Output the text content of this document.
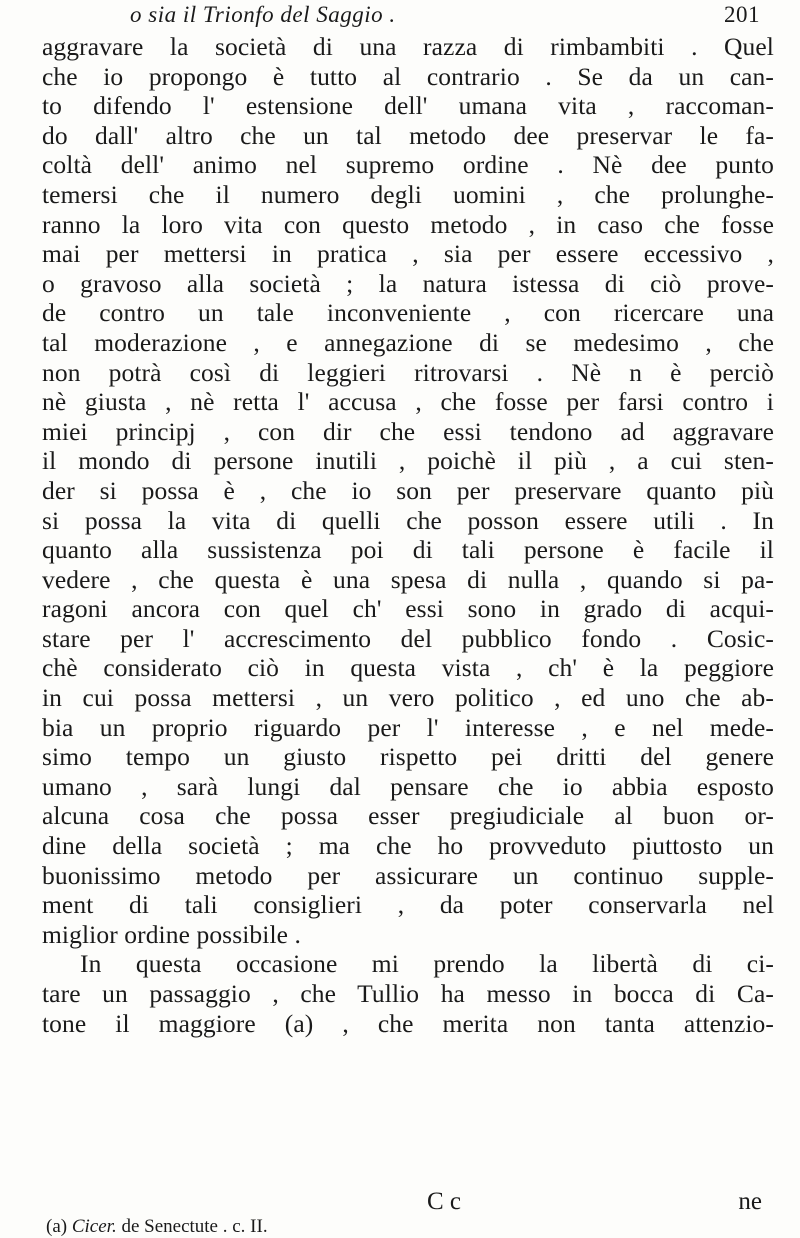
o sia il Trionfo del Saggio .	201
aggravare la società di una razza di rimbambiti . Quel
che io propongo è tutto al contrario . Se da un can-
to difendo l' estensione dell' umana vita , raccoman-
do dall' altro che un tal metodo dee preservar le fa-
coltà dell' animo nel supremo ordine . Nè dee punto
temersi che il numero degli uomini , che prolunghe-
ranno la loro vita con questo metodo , in caso che fosse
mai per mettersi in pratica , sia per essere eccessivo ,
o gravoso alla società ; la natura istessa di ciò prove-
de contro un tale inconveniente , con ricercare una
tal moderazione , e annegazione di se medesimo , che
non potrà così di leggieri ritrovarsi . Nè n è perciò
nè giusta , nè retta l' accusa , che fosse per farsi contro i
miei principj , con dir che essi tendono ad aggravare
il mondo di persone inutili , poichè il più , a cui sten-
der si possa è , che io son per preservare quanto più
si possa la vita di quelli che posson essere utili . In
quanto alla sussistenza poi di tali persone è facile il
vedere , che questa è una spesa di nulla , quando si pa-
ragoni ancora con quel ch' essi sono in grado di acqui-
stare per l' accrescimento del pubblico fondo . Cosic-
chè considerato ciò in questa vista , ch' è la peggiore
in cui possa mettersi , un vero politico , ed uno che ab-
bia un proprio riguardo per l' interesse , e nel mede-
simo tempo un giusto rispetto pei dritti del genere
umano , sarà lungi dal pensare che io abbia esposto
alcuna cosa che possa esser pregiudiciale al buon or-
dine della società ; ma che ho provveduto piuttosto un
buonissimo metodo per assicurare un continuo supple-
ment di tali consiglieri , da poter conservarla nel
miglior ordine possibile .
In questa occasione mi prendo la libertà di ci-
tare un passaggio , che Tullio ha messo in bocca di Ca-
tone il maggiore (a) , che merita non tanta attenzio-
C c	ne
(a) Cicer. de Senectute . c. II.
